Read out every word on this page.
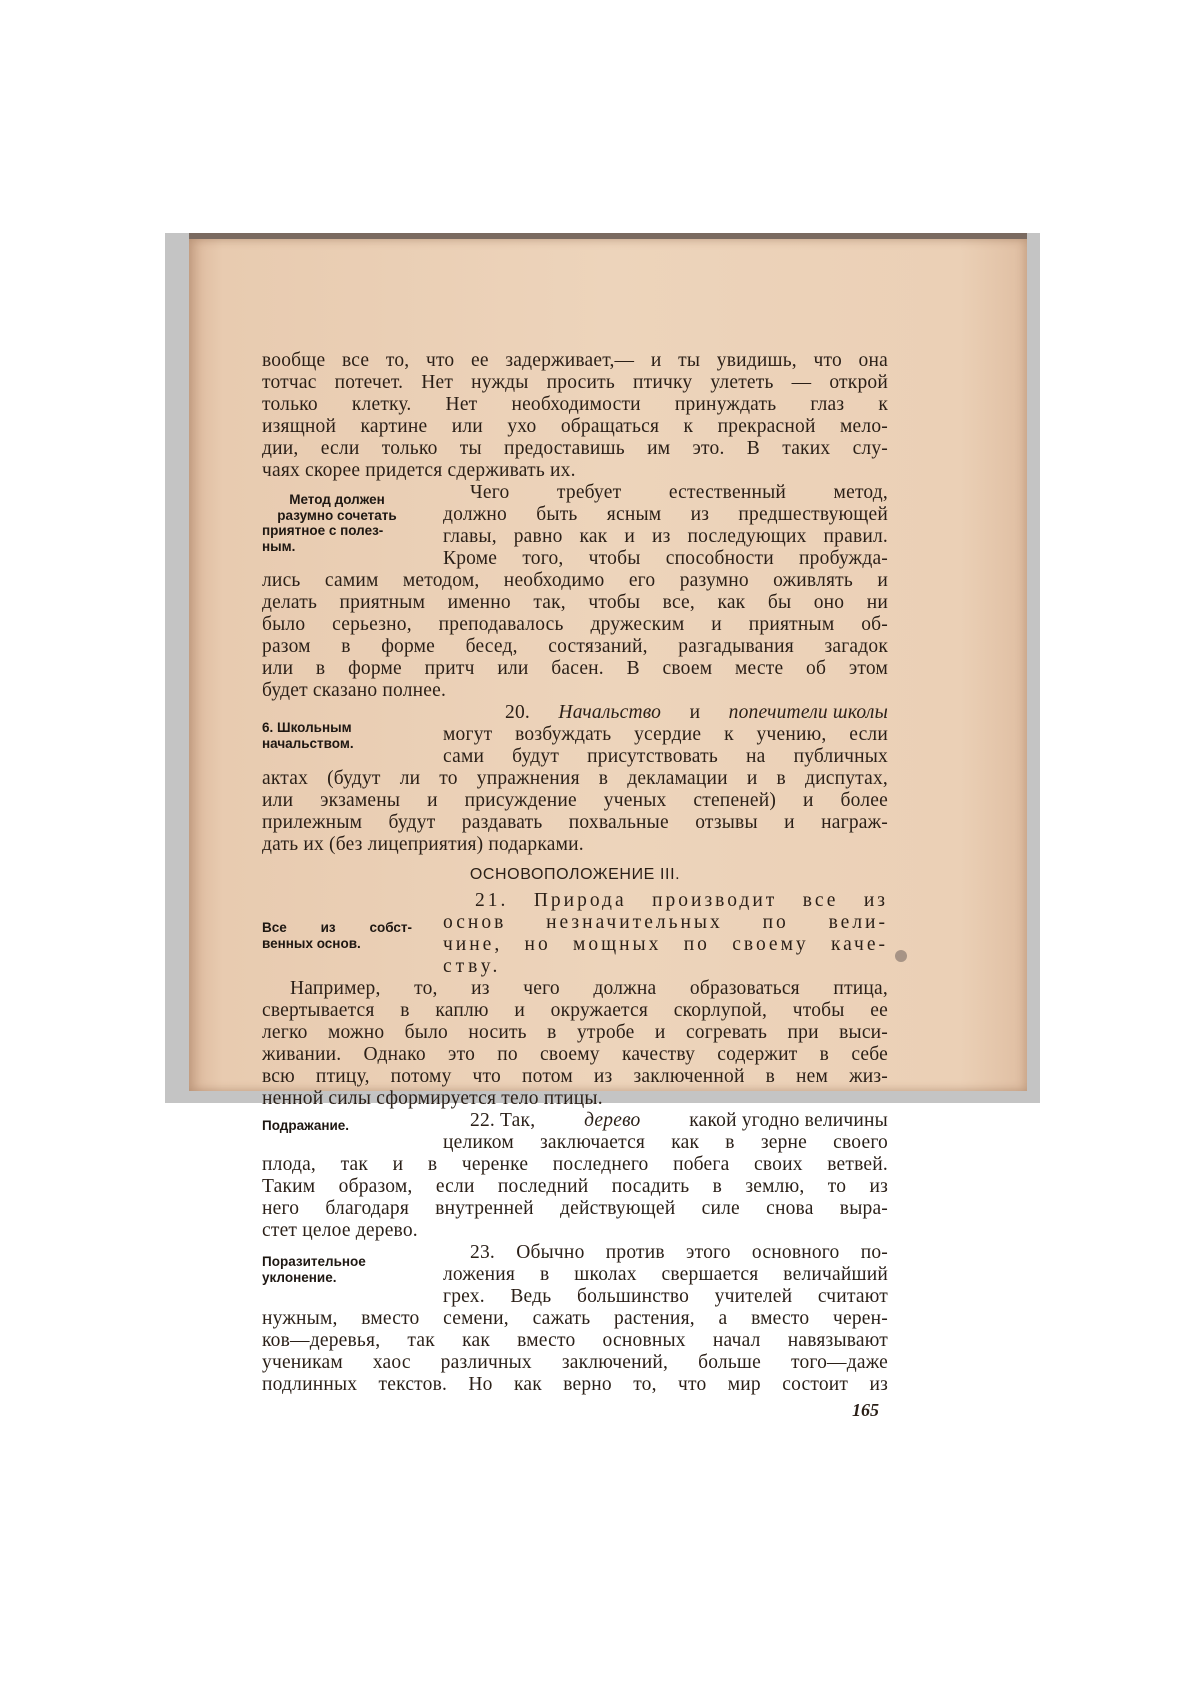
вообще все то, что ее задерживает,— и ты увидишь, что она
тотчас потечет. Нет нужды просить птичку улететь — открой
только клетку. Нет необходимости принуждать глаз к
изящной картине или ухо обращаться к прекрасной мело-
дии, если только ты предоставишь им это. В таких слу-
чаях скорее придется сдерживать их.
Метод должен
разумно сочетать
приятное с полез-
ным.
Чего требует естественный метод,
должно быть ясным из предшествующей
главы, равно как и из последующих правил.
Кроме того, чтобы способности пробужда-
лись самим методом, необходимо его разумно оживлять и
делать приятным именно так, чтобы все, как бы оно ни
было серьезно, преподавалось дружеским и приятным об-
разом в форме бесед, состязаний, разгадывания загадок
или в форме притч или басен. В своем месте об этом
будет сказано полнее.
20. Начальство и попечители школы
6. Школьным
начальством.	могут возбуждать усердие к учению, если
сами будут присутствовать на публичных
актах (будут ли то упражнения в декламации и в диспутах,
или экзамены и присуждение ученых степеней) и более
прилежным будут раздавать похвальные отзывы и награж-
дать их (без лицеприятия) подарками.
ОСНОВОПОЛОЖЕНИЕ III.
21. Природа производит все из
Все из собст-
венных основ.
основ незначительных по вели-
чине, но мощных по своему каче-
ству.
Например, то, из чего должна образоваться птица,
свертывается в каплю и окружается скорлупой, чтобы ее
легко можно было носить в утробе и согревать при выси-
живании. Однако это по своему качеству содержит в себе
всю птицу, потому что потом из заключенной в нем жиз-
ненной силы сформируется тело птицы.
22. Так,	дерево	какой угодно величины
Подражание.
целиком заключается как в зерне своего
плода, так и в черенке последнего побега своих ветвей.
Таким образом, если последний посадить в землю, то из
него благодаря внутренней действующей силе снова выра-
стет целое дерево.
23. Обычно против этого основного по-
Поразительное
уклонение.	ложения в школах свершается величайший
грех. Ведь большинство учителей считают
нужным, вместо семени, сажать растения, а вместо черен-
ков—деревья, так как вместо основных начал навязывают
ученикам хаос различных заключений, больше того—даже
подлинных текстов. Но как верно то, что мир состоит из
165
